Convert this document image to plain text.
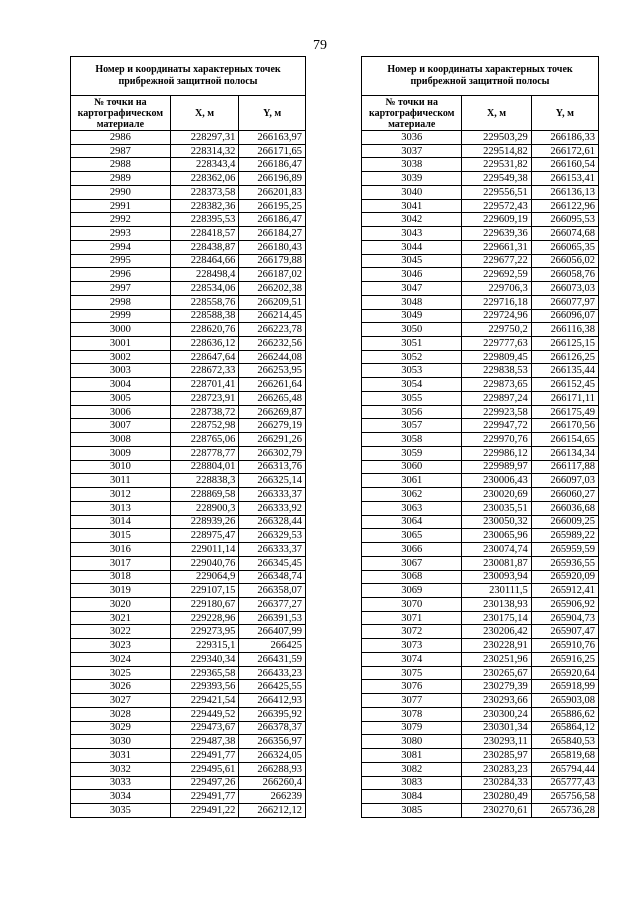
79
Номер и координаты характерных точек прибрежной защитной полосы		
№ точки на картографическом материале	X, м	Y, м
2986	228297,31	266163,97
2987	228314,32	266171,65
2988	228343,4	266186,47
2989	228362,06	266196,89
2990	228373,58	266201,83
2991	228382,36	266195,25
2992	228395,53	266186,47
2993	228418,57	266184,27
2994	228438,87	266180,43
2995	228464,66	266179,88
2996	228498,4	266187,02
2997	228534,06	266202,38
2998	228558,76	266209,51
2999	228588,38	266214,45
3000	228620,76	266223,78
3001	228636,12	266232,56
3002	228647,64	266244,08
3003	228672,33	266253,95
3004	228701,41	266261,64
3005	228723,91	266265,48
3006	228738,72	266269,87
3007	228752,98	266279,19
3008	228765,06	266291,26
3009	228778,77	266302,79
3010	228804,01	266313,76
3011	228838,3	266325,14
3012	228869,58	266333,37
3013	228900,3	266333,92
3014	228939,26	266328,44
3015	228975,47	266329,53
3016	229011,14	266333,37
3017	229040,76	266345,45
3018	229064,9	266348,74
3019	229107,15	266358,07
3020	229180,67	266377,27
3021	229228,96	266391,53
3022	229273,95	266407,99
3023	229315,1	266425
3024	229340,34	266431,59
3025	229365,58	266433,23
3026	229393,56	266425,55
3027	229421,54	266412,93
3028	229449,52	266395,92
3029	229473,67	266378,37
3030	229487,38	266356,97
3031	229491,77	266324,05
3032	229495,61	266288,93
3033	229497,26	266260,4
3034	229491,77	266239
3035	229491,22	266212,12
Номер и координаты характерных точек прибрежной защитной полосы		
№ точки на картографическом материале	X, м	Y, м
3036	229503,29	266186,33
3037	229514,82	266172,61
3038	229531,82	266160,54
3039	229549,38	266153,41
3040	229556,51	266136,13
3041	229572,43	266122,96
3042	229609,19	266095,53
3043	229639,36	266074,68
3044	229661,31	266065,35
3045	229677,22	266056,02
3046	229692,59	266058,76
3047	229706,3	266073,03
3048	229716,18	266077,97
3049	229724,96	266096,07
3050	229750,2	266116,38
3051	229777,63	266125,15
3052	229809,45	266126,25
3053	229838,53	266135,44
3054	229873,65	266152,45
3055	229897,24	266171,11
3056	229923,58	266175,49
3057	229947,72	266170,56
3058	229970,76	266154,65
3059	229986,12	266134,34
3060	229989,97	266117,88
3061	230006,43	266097,03
3062	230020,69	266060,27
3063	230035,51	266036,68
3064	230050,32	266009,25
3065	230065,96	265989,22
3066	230074,74	265959,59
3067	230081,87	265936,55
3068	230093,94	265920,09
3069	230111,5	265912,41
3070	230138,93	265906,92
3071	230175,14	265904,73
3072	230206,42	265907,47
3073	230228,91	265910,76
3074	230251,96	265916,25
3075	230265,67	265920,64
3076	230279,39	265918,99
3077	230293,66	265903,08
3078	230300,24	265886,62
3079	230301,34	265864,12
3080	230293,11	265840,53
3081	230285,97	265819,68
3082	230283,23	265794,44
3083	230284,33	265777,43
3084	230280,49	265756,58
3085	230270,61	265736,28
